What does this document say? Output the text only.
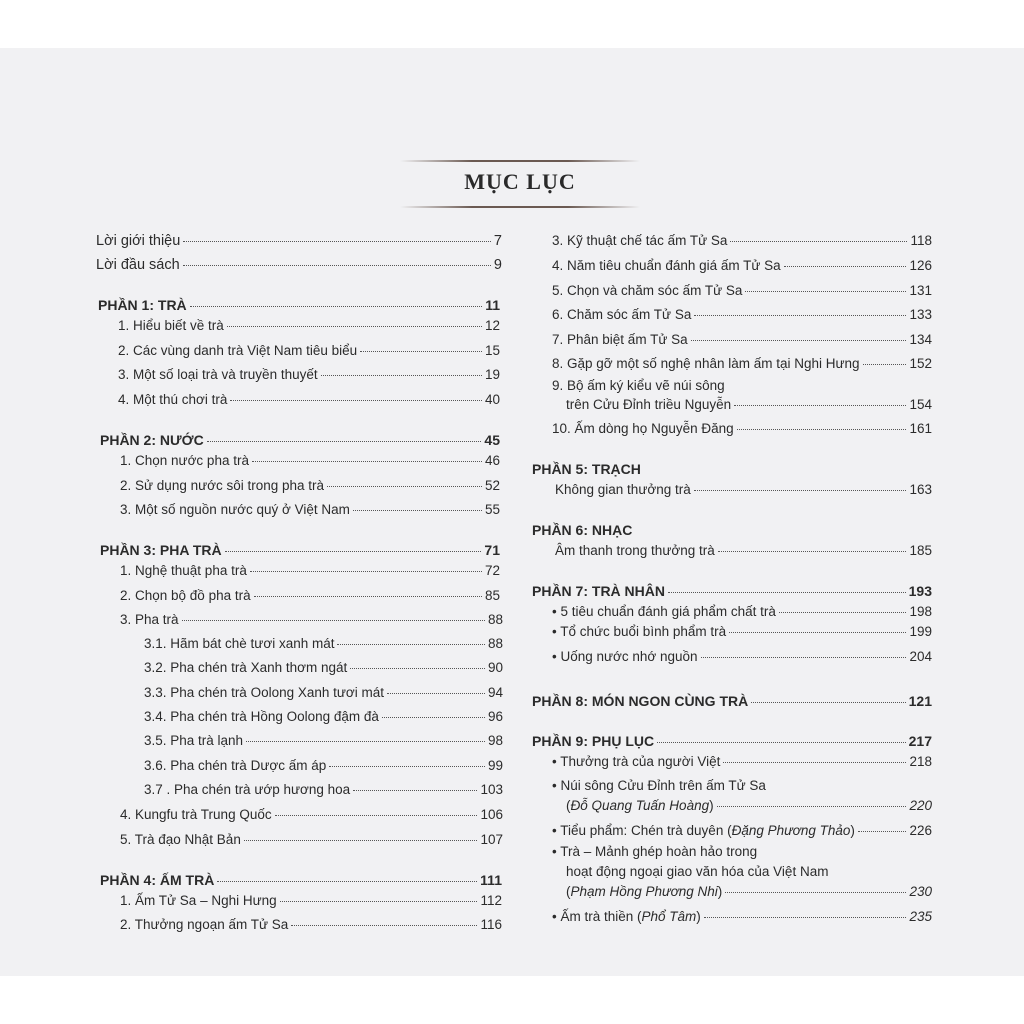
MỤC LỤC
Lời giới thiệu	7
Lời đầu sách	9
PHẦN 1: TRÀ	11
1. Hiểu biết về trà	12
2. Các vùng danh trà Việt Nam tiêu biểu	15
3. Một số loại trà và truyền thuyết	19
4. Một thú chơi trà	40
PHẦN 2: NƯỚC	45
1. Chọn nước pha trà	46
2. Sử dụng nước sôi trong pha trà	52
3. Một số nguồn nước quý ở Việt Nam	55
PHẦN 3: PHA TRÀ	71
1. Nghệ thuật pha trà	72
2. Chọn bộ đồ pha trà	85
3. Pha trà	88
3.1. Hãm bát chè tươi xanh mát	88
3.2. Pha chén trà Xanh thơm ngát	90
3.3. Pha chén trà Oolong Xanh tươi mát	94
3.4. Pha chén trà Hồng Oolong đậm đà	96
3.5. Pha trà lạnh	98
3.6. Pha chén trà Dược ấm áp	99
3.7 . Pha chén trà ướp hương hoa	103
4. Kungfu trà Trung Quốc	106
5. Trà đạo Nhật Bản	107
PHẦN 4: ẤM TRÀ	111
1. Ấm Tử Sa – Nghi Hưng	112
2. Thưởng ngoạn ấm Tử Sa	116
3. Kỹ thuật chế tác ấm Tử Sa	118
4. Năm tiêu chuẩn đánh giá ấm Tử Sa	126
5. Chọn và chăm sóc ấm Tử Sa	131
6. Chăm sóc ấm Tử Sa	133
7. Phân biệt ấm Tử Sa	134
8. Gặp gỡ một số nghệ nhân làm ấm tại Nghi Hưng	152
9. Bộ ấm ký kiểu vẽ núi sông
trên Cửu Đỉnh triều Nguyễn	154
10. Ấm dòng họ Nguyễn Đăng	161
PHẦN 5: TRẠCH
Không gian thưởng trà	163
PHẦN 6: NHẠC
Âm thanh trong thưởng trà	185
PHẦN 7: TRÀ NHÂN	193
• 5 tiêu chuẩn đánh giá phẩm chất trà	198
• Tổ chức buổi bình phẩm trà	199
• Uống nước nhớ nguồn	204
PHẦN 8: MÓN NGON CÙNG TRÀ	121
PHẦN 9: PHỤ LỤC	217
• Thưởng trà của người Việt	218
• Núi sông Cửu Đỉnh trên ấm Tử Sa
(Đỗ Quang Tuấn Hoàng)	220
• Tiểu phẩm: Chén trà duyên (Đặng Phương Thảo)	226
• Trà – Mảnh ghép hoàn hảo trong
hoạt động ngoại giao văn hóa của Việt Nam
(Phạm Hồng Phương Nhi)	230
• Ấm trà thiền (Phổ Tâm)	235
